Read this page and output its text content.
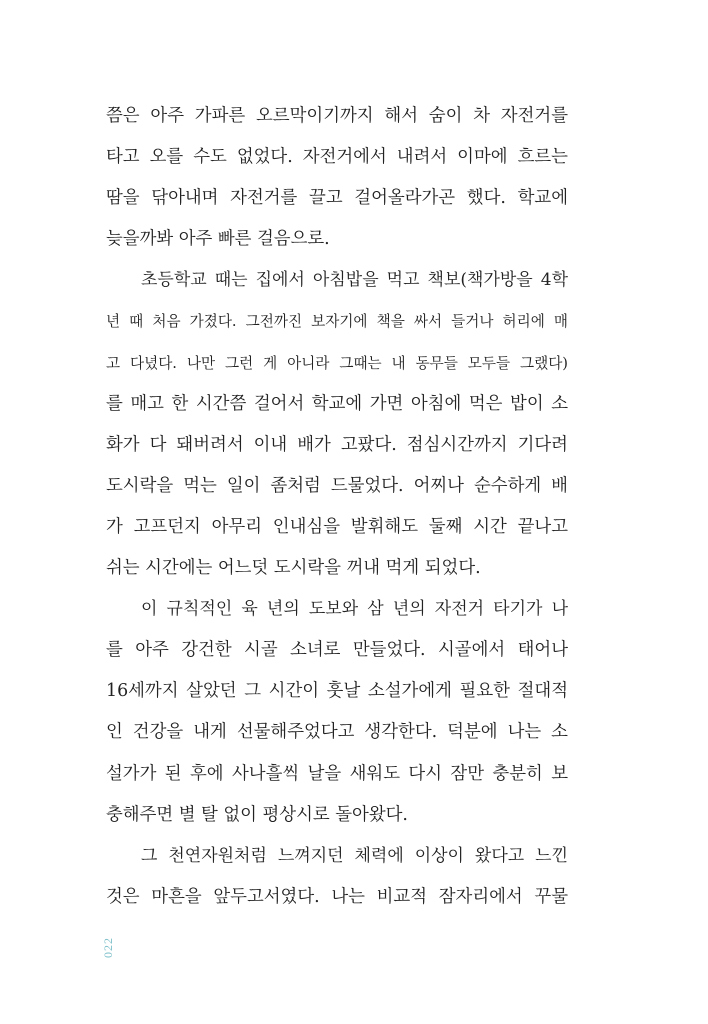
쯤은 아주 가파른 오르막이기까지 해서 숨이 차 자전거를
타고 오를 수도 없었다. 자전거에서 내려서 이마에 흐르는
땀을 닦아내며 자전거를 끌고 걸어올라가곤 했다. 학교에
늦을까봐 아주 빠른 걸음으로.
초등학교 때는 집에서 아침밥을 먹고 책보(책가방을 4학
년 때 처음 가졌다. 그전까진 보자기에 책을 싸서 들거나 허리에 매
고 다녔다. 나만 그런 게 아니라 그때는 내 동무들 모두들 그랬다)
를 매고 한 시간쯤 걸어서 학교에 가면 아침에 먹은 밥이 소
화가 다 돼버려서 이내 배가 고팠다. 점심시간까지 기다려
도시락을 먹는 일이 좀처럼 드물었다. 어찌나 순수하게 배
가 고프던지 아무리 인내심을 발휘해도 둘째 시간 끝나고
쉬는 시간에는 어느덧 도시락을 꺼내 먹게 되었다.
이 규칙적인 육 년의 도보와 삼 년의 자전거 타기가 나
를 아주 강건한 시골 소녀로 만들었다. 시골에서 태어나
16세까지 살았던 그 시간이 훗날 소설가에게 필요한 절대적
인 건강을 내게 선물해주었다고 생각한다. 덕분에 나는 소
설가가 된 후에 사나흘씩 날을 새워도 다시 잠만 충분히 보
충해주면 별 탈 없이 평상시로 돌아왔다.
그 천연자원처럼 느껴지던 체력에 이상이 왔다고 느낀
것은 마흔을 앞두고서였다. 나는 비교적 잠자리에서 꾸물
022
